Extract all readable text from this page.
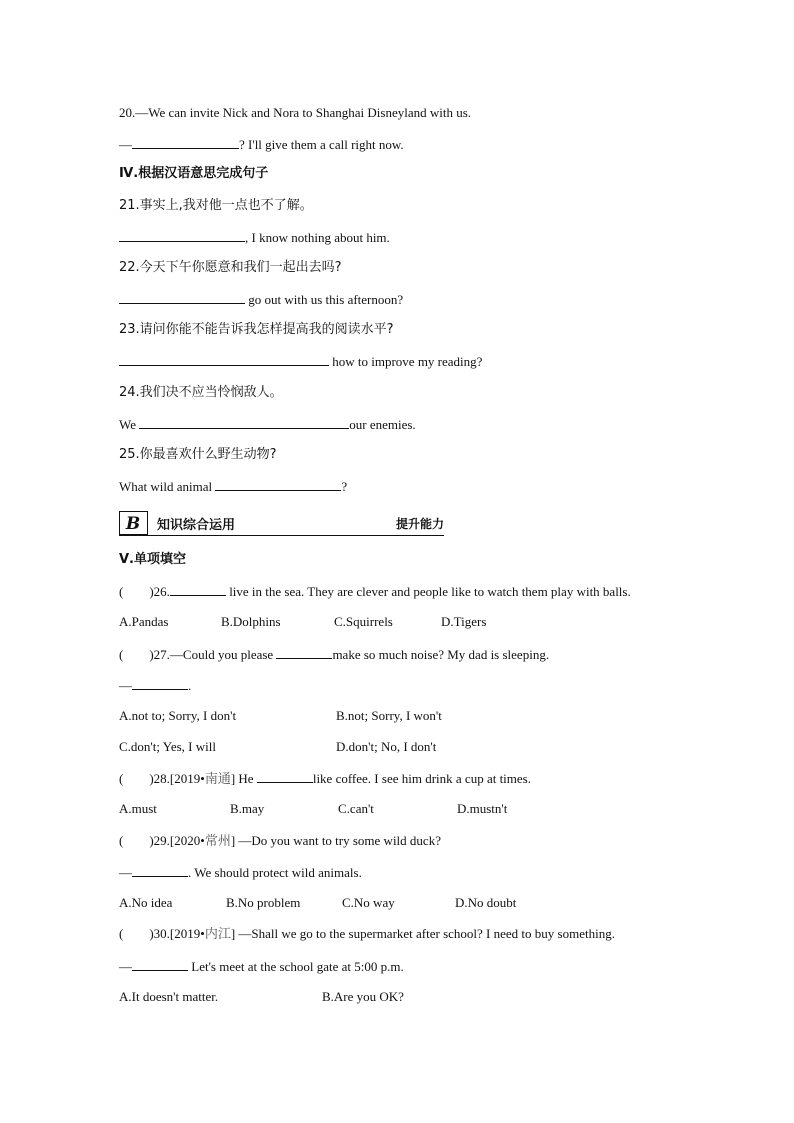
20.—We can invite Nick and Nora to Shanghai Disneyland with us.
—	? I'll give them a call right now.
Ⅳ.根据汉语意思完成句子
21.事实上,我对他一点也不了解。
, I know nothing about him.
22.今天下午你愿意和我们一起出去吗?
go out with us this afternoon?
23.请问你能不能告诉我怎样提高我的阅读水平?
how to improve my reading?
24.我们决不应当怜悯敌人。
We	our enemies.
25.你最喜欢什么野生动物?
What wild animal	?
B 知识综合运用	提升能力
Ⅴ.单项填空
( )26.	live in the sea. They are clever and people like to watch them play with balls.
A.Pandas	B.Dolphins	C.Squirrels	D.Tigers
( )27.—Could you please	make so much noise? My dad is sleeping.
—	.
A.not to; Sorry, I don't	B.not; Sorry, I won't
C.don't; Yes, I will	D.don't; No, I don't
( )28.[2019•南通] He	like coffee. I see him drink a cup at times.
A.must	B.may	C.can't	D.mustn't
( )29.[2020•常州] —Do you want to try some wild duck?
—	. We should protect wild animals.
A.No idea	B.No problem	C.No way	D.No doubt
( )30.[2019•内江] —Shall we go to the supermarket after school? I need to buy something.
—	Let's meet at the school gate at 5:00 p.m.
A.It doesn't matter.	B.Are you OK?
